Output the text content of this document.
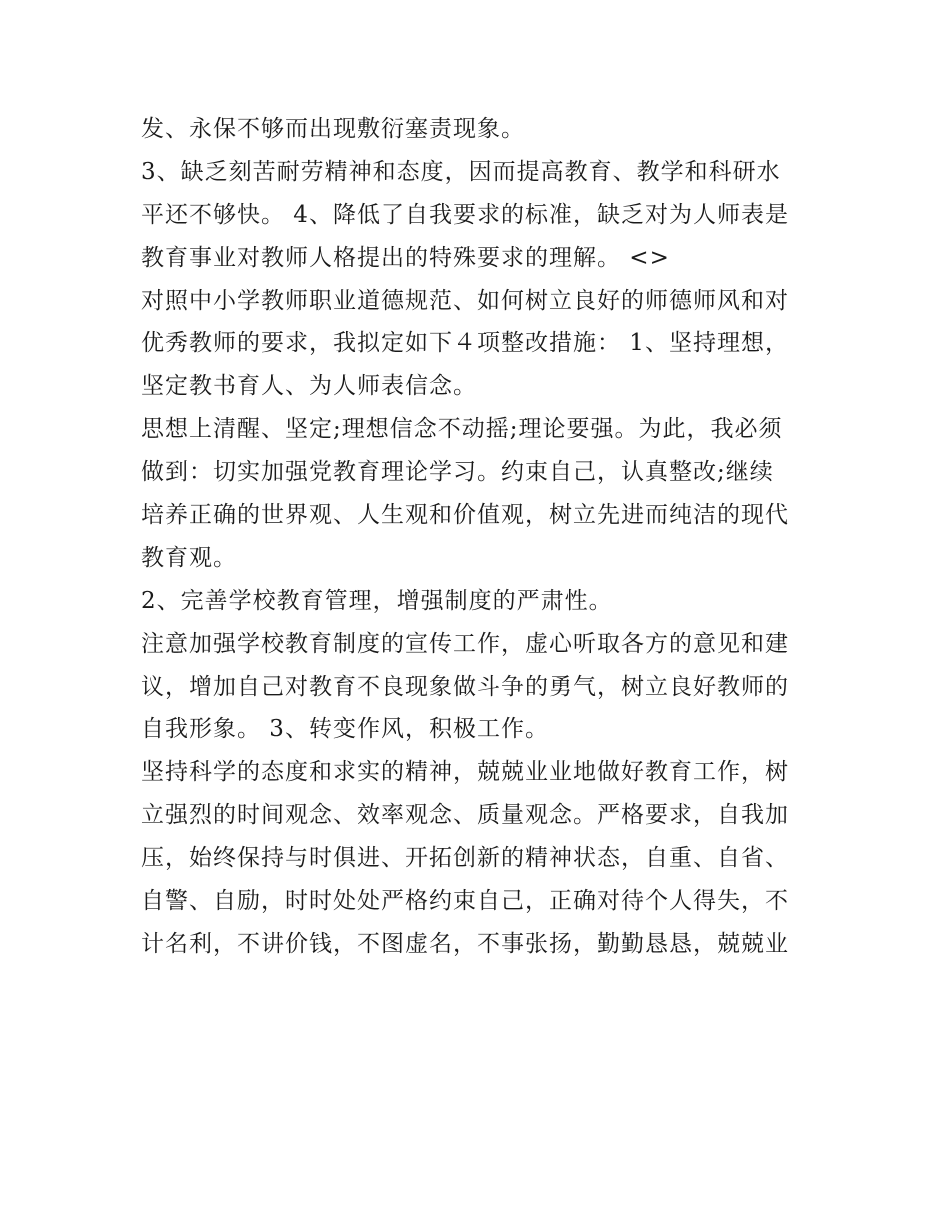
发、永保不够而出现敷衍塞责现象。
3、缺乏刻苦耐劳精神和态度，因而提高教育、教学和科研水
平还不够快。 4、降低了自我要求的标准，缺乏对为人师表是
教育事业对教师人格提出的特殊要求的理解。 <>
对照中小学教师职业道德规范、如何树立良好的师德师风和对
优秀教师的要求，我拟定如下４项整改措施： 1、坚持理想，
坚定教书育人、为人师表信念。
思想上清醒、坚定;理想信念不动摇;理论要强。为此，我必须
做到：切实加强党教育理论学习。约束自己，认真整改;继续
培养正确的世界观、人生观和价值观，树立先进而纯洁的现代
教育观。
2、完善学校教育管理，增强制度的严肃性。
注意加强学校教育制度的宣传工作，虚心听取各方的意见和建
议，增加自己对教育不良现象做斗争的勇气，树立良好教师的
自我形象。 3、转变作风，积极工作。
坚持科学的态度和求实的精神，兢兢业业地做好教育工作，树
立强烈的时间观念、效率观念、质量观念。严格要求，自我加
压，始终保持与时俱进、开拓创新的精神状态，自重、自省、
自警、自励，时时处处严格约束自己，正确对待个人得失，不
计名利，不讲价钱，不图虚名，不事张扬，勤勤恳恳，兢兢业
